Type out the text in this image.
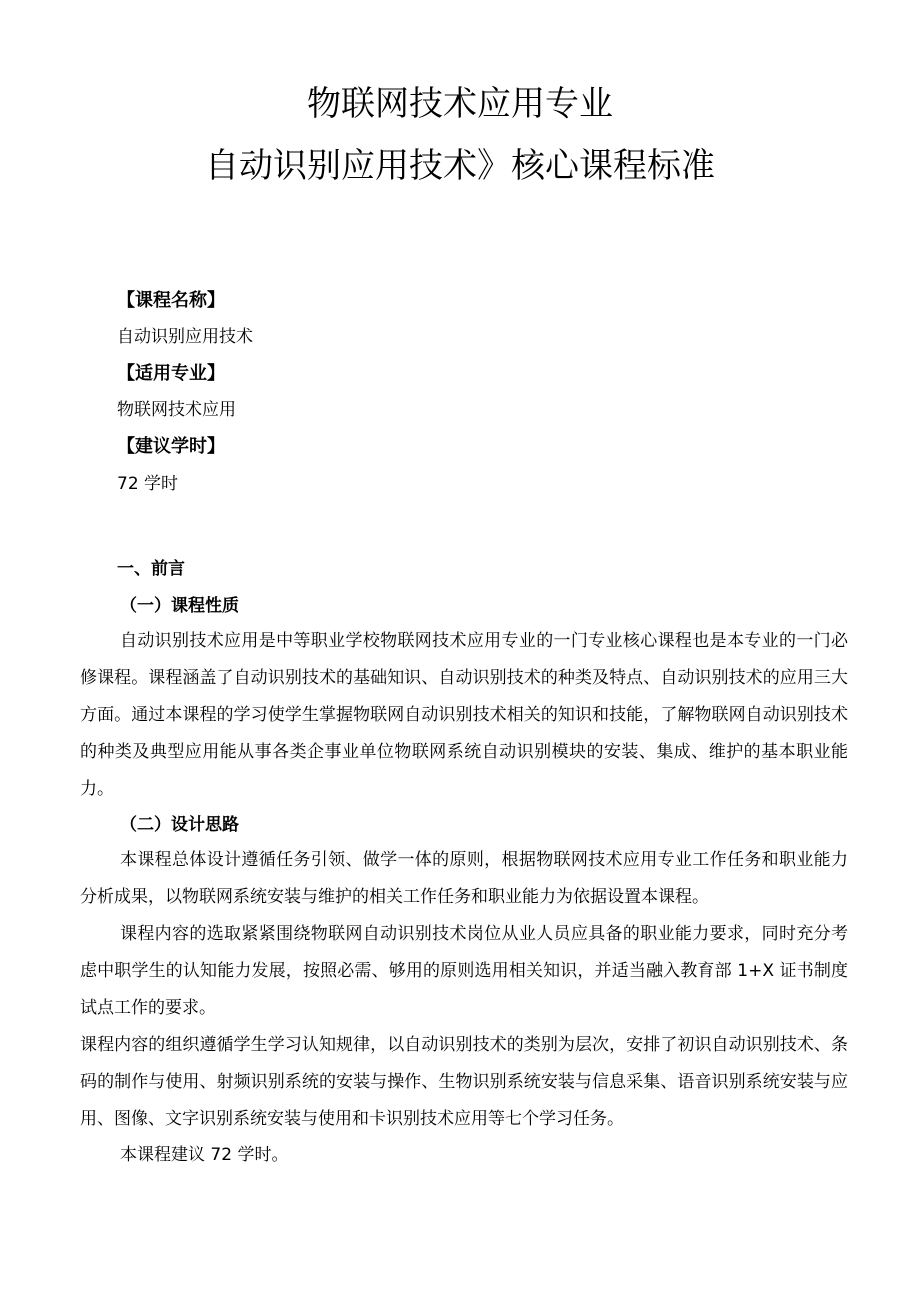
物联网技术应用专业
自动识别应用技术》核心课程标准
【课程名称】
自动识别应用技术
【适用专业】
物联网技术应用
【建议学时】
72 学时
一、前言
（一）课程性质
自动识别技术应用是中等职业学校物联网技术应用专业的一门专业核心课程也是本专业的一门必修课程。课程涵盖了自动识别技术的基础知识、自动识别技术的种类及特点、自动识别技术的应用三大方面。通过本课程的学习使学生掌握物联网自动识别技术相关的知识和技能，了解物联网自动识别技术的种类及典型应用能从事各类企事业单位物联网系统自动识别模块的安装、集成、维护的基本职业能力。
（二）设计思路
本课程总体设计遵循任务引领、做学一体的原则，根据物联网技术应用专业工作任务和职业能力分析成果，以物联网系统安装与维护的相关工作任务和职业能力为依据设置本课程。
课程内容的选取紧紧围绕物联网自动识别技术岗位从业人员应具备的职业能力要求，同时充分考虑中职学生的认知能力发展，按照必需、够用的原则选用相关知识，并适当融入教育部 1+X 证书制度试点工作的要求。
课程内容的组织遵循学生学习认知规律，以自动识别技术的类别为层次，安排了初识自动识别技术、条码的制作与使用、射频识别系统的安装与操作、生物识别系统安装与信息采集、语音识别系统安装与应用、图像、文字识别系统安装与使用和卡识别技术应用等七个学习任务。
本课程建议 72 学时。
